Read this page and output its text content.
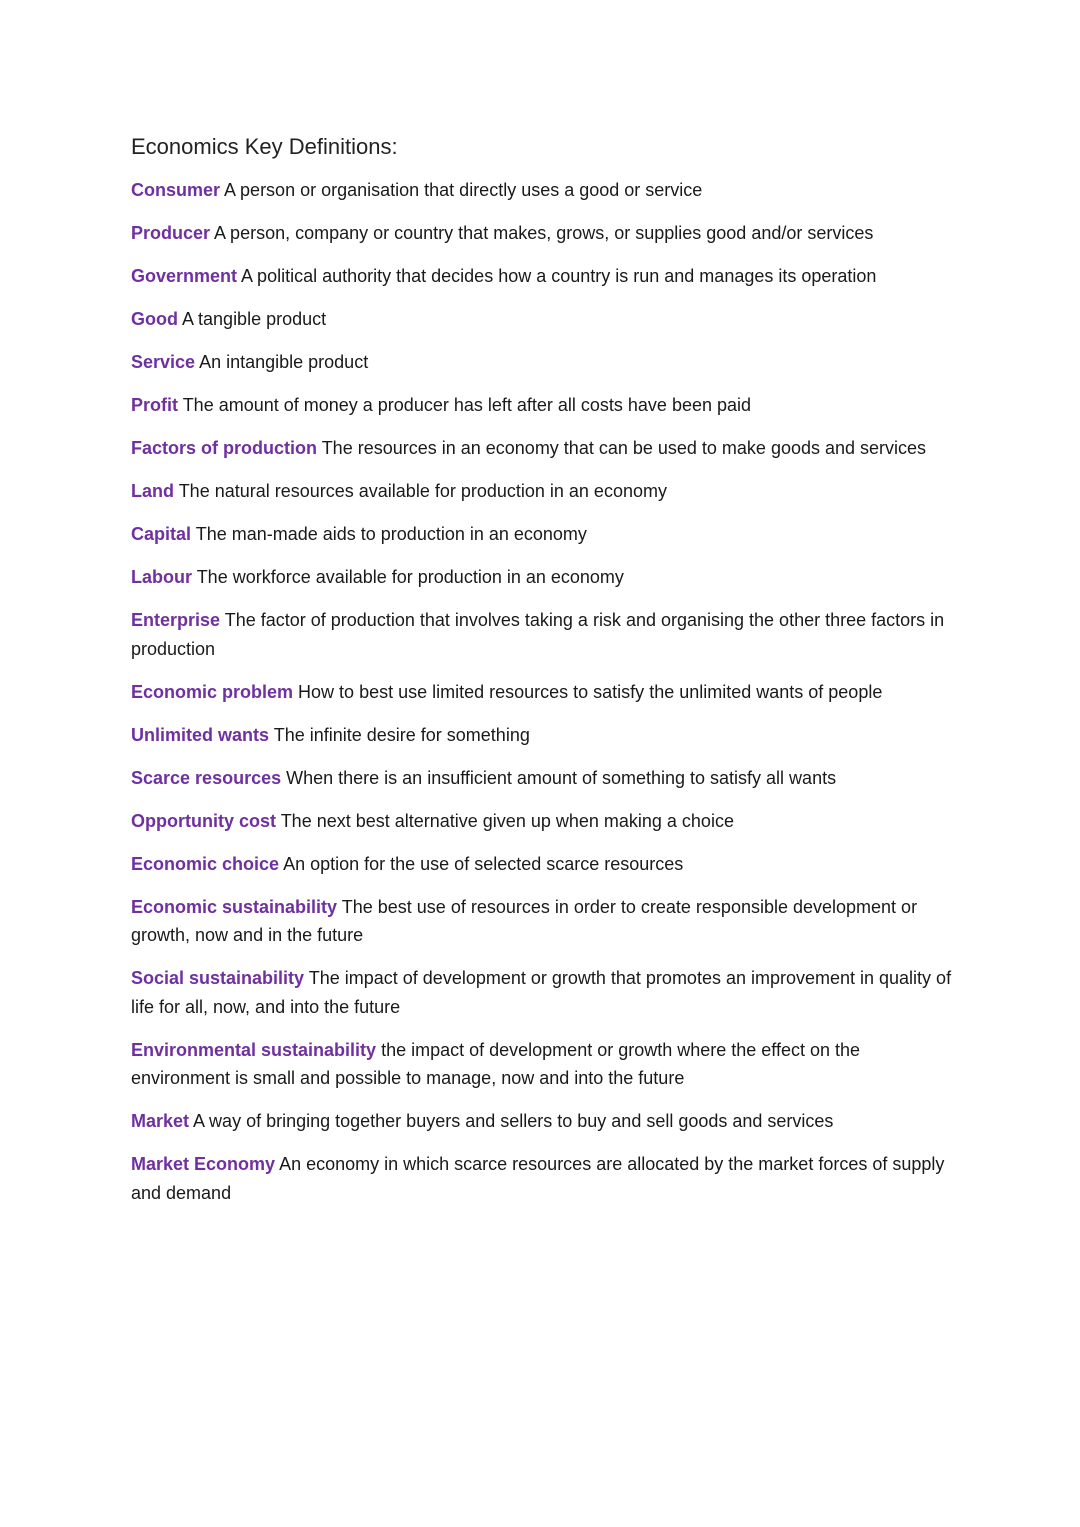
Economics Key Definitions:

Consumer A person or organisation that directly uses a good or service

Producer A person, company or country that makes, grows, or supplies good and/or services

Government A political authority that decides how a country is run and manages its operation

Good A tangible product

Service An intangible product

Profit The amount of money a producer has left after all costs have been paid

Factors of production The resources in an economy that can be used to make goods and services

Land The natural resources available for production in an economy

Capital The man-made aids to production in an economy

Labour The workforce available for production in an economy

Enterprise The factor of production that involves taking a risk and organising the other three factors in production

Economic problem How to best use limited resources to satisfy the unlimited wants of people

Unlimited wants The infinite desire for something

Scarce resources When there is an insufficient amount of something to satisfy all wants

Opportunity cost The next best alternative given up when making a choice

Economic choice An option for the use of selected scarce resources

Economic sustainability The best use of resources in order to create responsible development or growth, now and in the future

Social sustainability The impact of development or growth that promotes an improvement in quality of life for all, now, and into the future

Environmental sustainability the impact of development or growth where the effect on the environment is small and possible to manage, now and into the future

Market A way of bringing together buyers and sellers to buy and sell goods and services

Market Economy An economy in which scarce resources are allocated by the market forces of supply and demand
